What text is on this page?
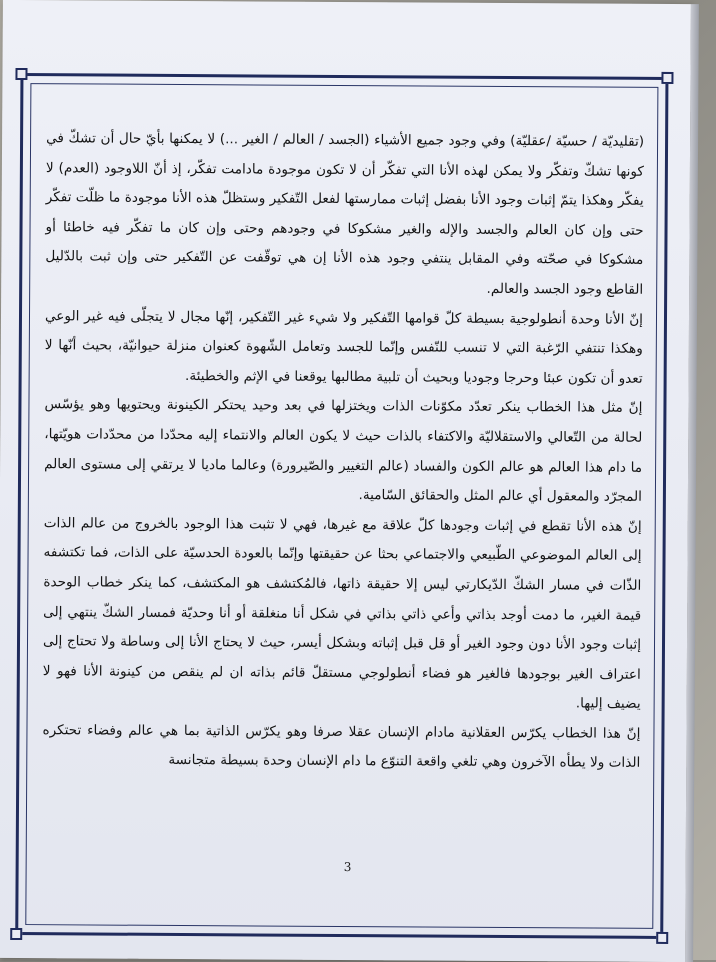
(تقليديّة / حسيّة /عقليّة) وفي وجود جميع الأشياء (الجسد / العالم / الغير ...) لا يمكنها بأيّ حال أن تشكّ في كونها تشكّ وتفكّر ولا يمكن لهذه الأنا التي تفكّر أن لا تكون موجودة مادامت تفكّر، إذ أنّ اللاوجود (العدم) لا يفكّر وهكذا يتمّ إثبات وجود الأنا بفضل إثبات ممارستها لفعل التّفكير وستظلّ هذه الأنا موجودة ما ظلّت تفكّر حتى وإن كان العالم والجسد والإله والغير مشكوكا في وجودهم وحتى وإن كان ما تفكّر فيه خاطئا أو مشكوكا في صحّته وفي المقابل ينتفي وجود هذه الأنا إن هي توقّفت عن التّفكير حتى وإن ثبت بالدّليل القاطع وجود الجسد والعالم.

إنّ الأنا وحدة أنطولوجية بسيطة كلّ قوامها التّفكير ولا شيء غير التّفكير، إنّها مجال لا يتجلّى فيه غير الوعي وهكذا تنتفي الرّغبة التي لا تنسب للنّفس وإنّما للجسد وتعامل الشّهوة كعنوان منزلة حيوانيّة، بحيث أنّها لا تعدو أن تكون عبئا وحرجا وجوديا وبحيث أن تلبية مطالبها يوقعنا في الإثم والخطيئة.

إنّ مثل هذا الخطاب ينكر تعدّد مكوّنات الذات ويختزلها في بعد وحيد يحتكر الكينونة ويحتويها وهو يؤسّس لحالة من التّعالي والاستقلاليّة والاكتفاء بالذات حيث لا يكون العالم والانتماء إليه محدّدا من محدّدات هويّتها، ما دام هذا العالم هو عالم الكون والفساد (عالم التغيير والصّيرورة) وعالما ماديا لا يرتقي إلى مستوى العالم المجرّد والمعقول أي عالم المثل والحقائق السّامية.

إنّ هذه الأنا تقطع في إثبات وجودها كلّ علاقة مع غيرها، فهي لا تثبت هذا الوجود بالخروج من عالم الذات إلى العالم الموضوعي الطّبيعي والاجتماعي بحثا عن حقيقتها وإنّما بالعودة الحدسيّة على الذات، فما تكتشفه الذّات في مسار الشكّ الدّيكارتي ليس إلا حقيقة ذاتها، فالمُكتشف هو المكتشف، كما ينكر خطاب الوحدة قيمة الغير، ما دمت أوجد بذاتي وأعي ذاتي بذاتي في شكل أنا منغلقة أو أنا وحديّة فمسار الشكّ ينتهي إلى إثبات وجود الأنا دون وجود الغير أو قل قبل إثباته وبشكل أيسر، حيث لا يحتاج الأنا إلى وساطة ولا تحتاج إلى اعتراف الغير بوجودها فالغير هو فضاء أنطولوجي مستقلّ قائم بذاته ان لم ينقص من كينونة الأنا فهو لا يضيف إليها.

إنّ هذا الخطاب يكرّس العقلانية مادام الإنسان عقلا صرفا وهو يكرّس الذاتية بما هي عالم وفضاء تحتكره الذات ولا يطأه الآخرون وهي تلغي واقعة التنوّع ما دام الإنسان وحدة بسيطة متجانسة

3
